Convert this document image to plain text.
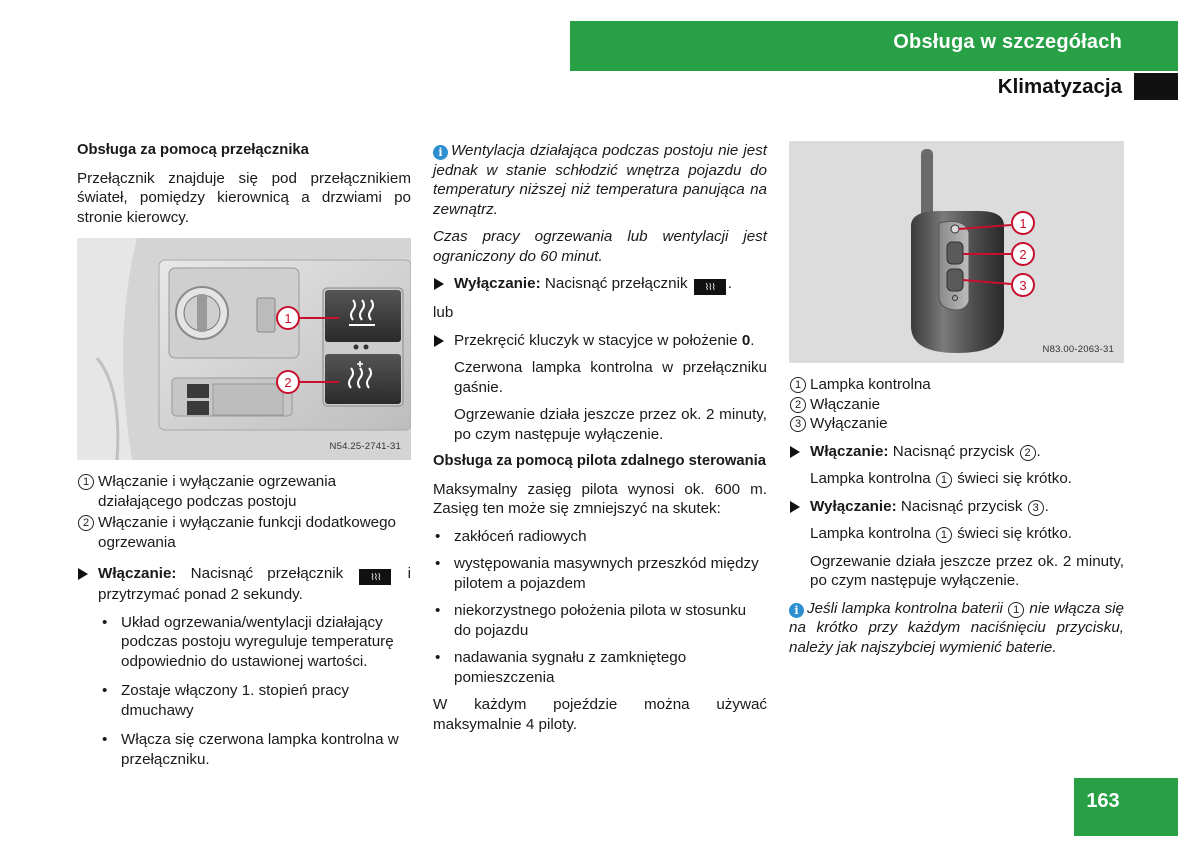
Obsługa w szczegółach
Klimatyzacja
Obsługa za pomocą przełącznika
Przełącznik znajduje się pod przełącznikiem świateł, pomiędzy kierownicą a drzwiami po stronie kierowcy.
1
2
N54.25-2741-31
1 Włączanie i wyłączanie ogrzewania działającego podczas postoju
2 Włączanie i wyłączanie funkcji dodatkowego ogrzewania
Włączanie: Nacisnąć przełącznik	⌇⌇⌇ i przytrzymać ponad 2 sekundy.
• Układ ogrzewania/wentylacji działający podczas postoju wyreguluje temperaturę odpowiednio do ustawionej wartości.
• Zostaje włączony 1. stopień pracy dmuchawy
• Włącza się czerwona lampka kontrolna w przełączniku.
i Wentylacja działająca podczas postoju nie jest jednak w stanie schłodzić wnętrza pojazdu do temperatury niższej niż temperatura panująca na zewnątrz.
Czas pracy ogrzewania lub wentylacji jest ograniczony do 60 minut.
Wyłączanie: Nacisnąć przełącznik ⌇⌇⌇ .
lub
Przekręcić kluczyk w stacyjce w położenie 0.
Czerwona lampka kontrolna w przełączniku gaśnie.
Ogrzewanie działa jeszcze przez ok. 2 minuty, po czym następuje wyłączenie.
Obsługa za pomocą pilota zdalnego sterowania
Maksymalny zasięg pilota wynosi ok. 600 m. Zasięg ten może się zmniejszyć na skutek:
• zakłóceń radiowych
• występowania masywnych przeszkód między pilotem a pojazdem
• niekorzystnego położenia pilota w stosunku do pojazdu
• nadawania sygnału z zamkniętego pomieszczenia
W każdym pojeździe można używać maksymalnie 4 piloty.
1
2
3
N83.00-2063-31
1 Lampka kontrolna
2 Włączanie
3 Wyłączanie
Włączanie: Nacisnąć przycisk 2 .
Lampka kontrolna 1 świeci się krótko.
Wyłączanie: Nacisnąć przycisk 3 .
Lampka kontrolna 1 świeci się krótko.
Ogrzewanie działa jeszcze przez ok. 2 minuty, po czym następuje wyłączenie.
i Jeśli lampka kontrolna baterii 1 nie włącza się na krótko przy każdym naciśnięciu przycisku, należy jak najszybciej wymienić baterie.
163
